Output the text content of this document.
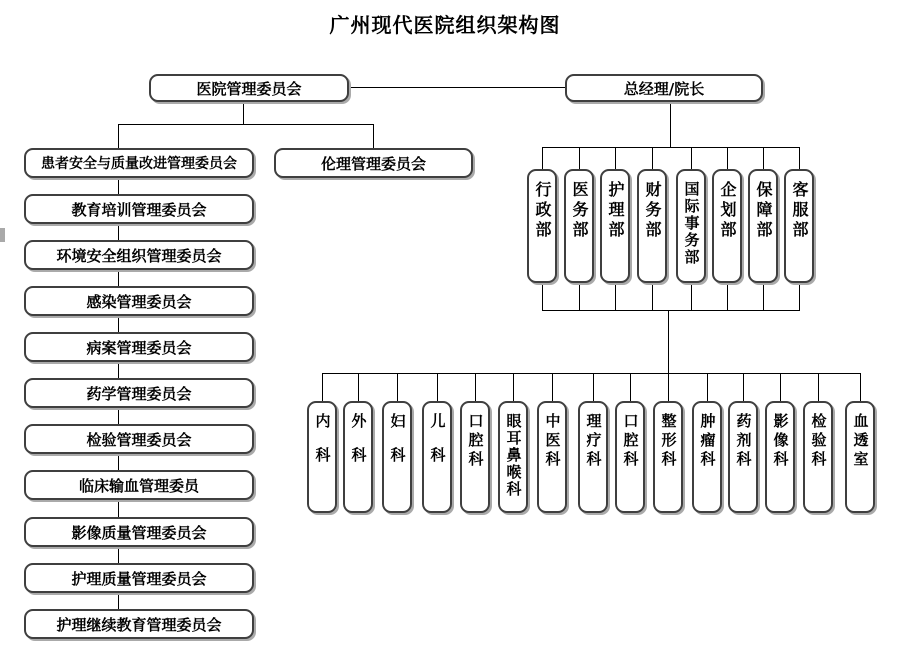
广州现代医院组织架构图
医院管理委员会	总经理/院长
伦理管理委员会
患者安全与质量改进管理委员会
教育培训管理委员会
环境安全组织管理委员会
感染管理委员会
病案管理委员会
药学管理委员会
检验管理委员会
临床输血管理委员
影像质量管理委员会
护理质量管理委员会
护理继续教育管理委员会
行政部 医务部 护理部 财务部 国际事务部 企划部 保障部 客服部
内科 外科 妇科 儿科 口腔科 眼耳鼻喉科 中医科 理疗科 口腔科 整形科 肿瘤科 药剂科 影像科 检验科 血透室
